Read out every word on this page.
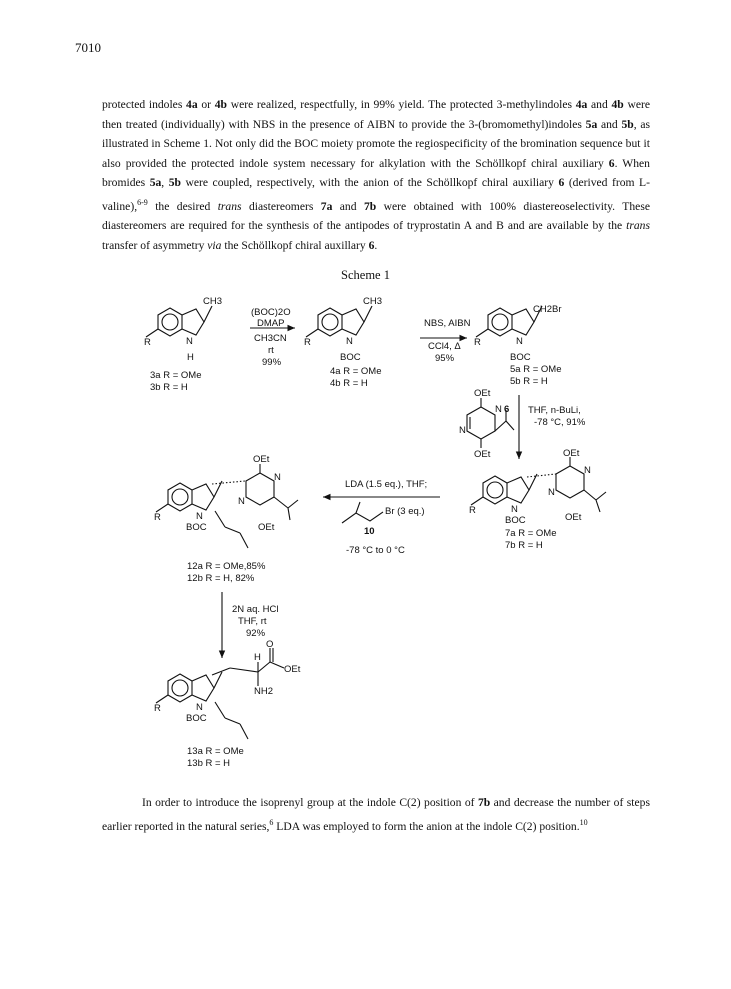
7010

protected indoles 4a or 4b were realized, respectfully, in 99% yield. The protected 3-methylindoles 4a and 4b were then treated (individually) with NBS in the presence of AIBN to provide the 3-(bromomethyl)indoles 5a and 5b, as illustrated in Scheme 1. Not only did the BOC moiety promote the regiospecificity of the bromination sequence but it also provided the protected indole system necessary for alkylation with the Schöllkopf chiral auxiliary 6. When bromides 5a, 5b were coupled, respectively, with the anion of the Schöllkopf chiral auxiliary 6 (derived from L-valine),$^{6-9}$ the desired trans diastereomers 7a and 7b were obtained with 100% diastereoselectivity. These diastereomers are required for the synthesis of the antipodes of tryprostatin A and B and are available by the trans transfer of asymmetry via the Schöllkopf chiral auxillary 6.

Scheme 1
CH3
R	N
H
3a R = OMe
3b R = H
(BOC)2O
DMAP
CH3CN
rt
99%
CH3
R	N
BOC
4a R = OMe
4b R = H
NBS, AIBN
CCl4, Δ
95%
CH2Br
R	N
BOC
5a R = OMe
5b R = H
OEt
N
N
OEt
6 THF, n-BuLi,
-78 °C, 91%
OEt
N
N
OEt
R	N
BOC
7a R = OMe
7b R = H
LDA (1.5 eq.), THF;
Br (3 eq.)
10
-78 °C to 0 °C
OEt
N
N
OEt
R	N
BOC
12a R = OMe,85%
12b R = H, 82%
2N aq. HCl
THF, rt
92%
H
O
OEt
NH2
R	N
BOC
13a R = OMe
13b R = H

In order to introduce the isoprenyl group at the indole C(2) position of 7b and decrease the number of steps earlier reported in the natural series,$^6$ LDA was employed to form the anion at the indole C(2) position.$^{10}$
